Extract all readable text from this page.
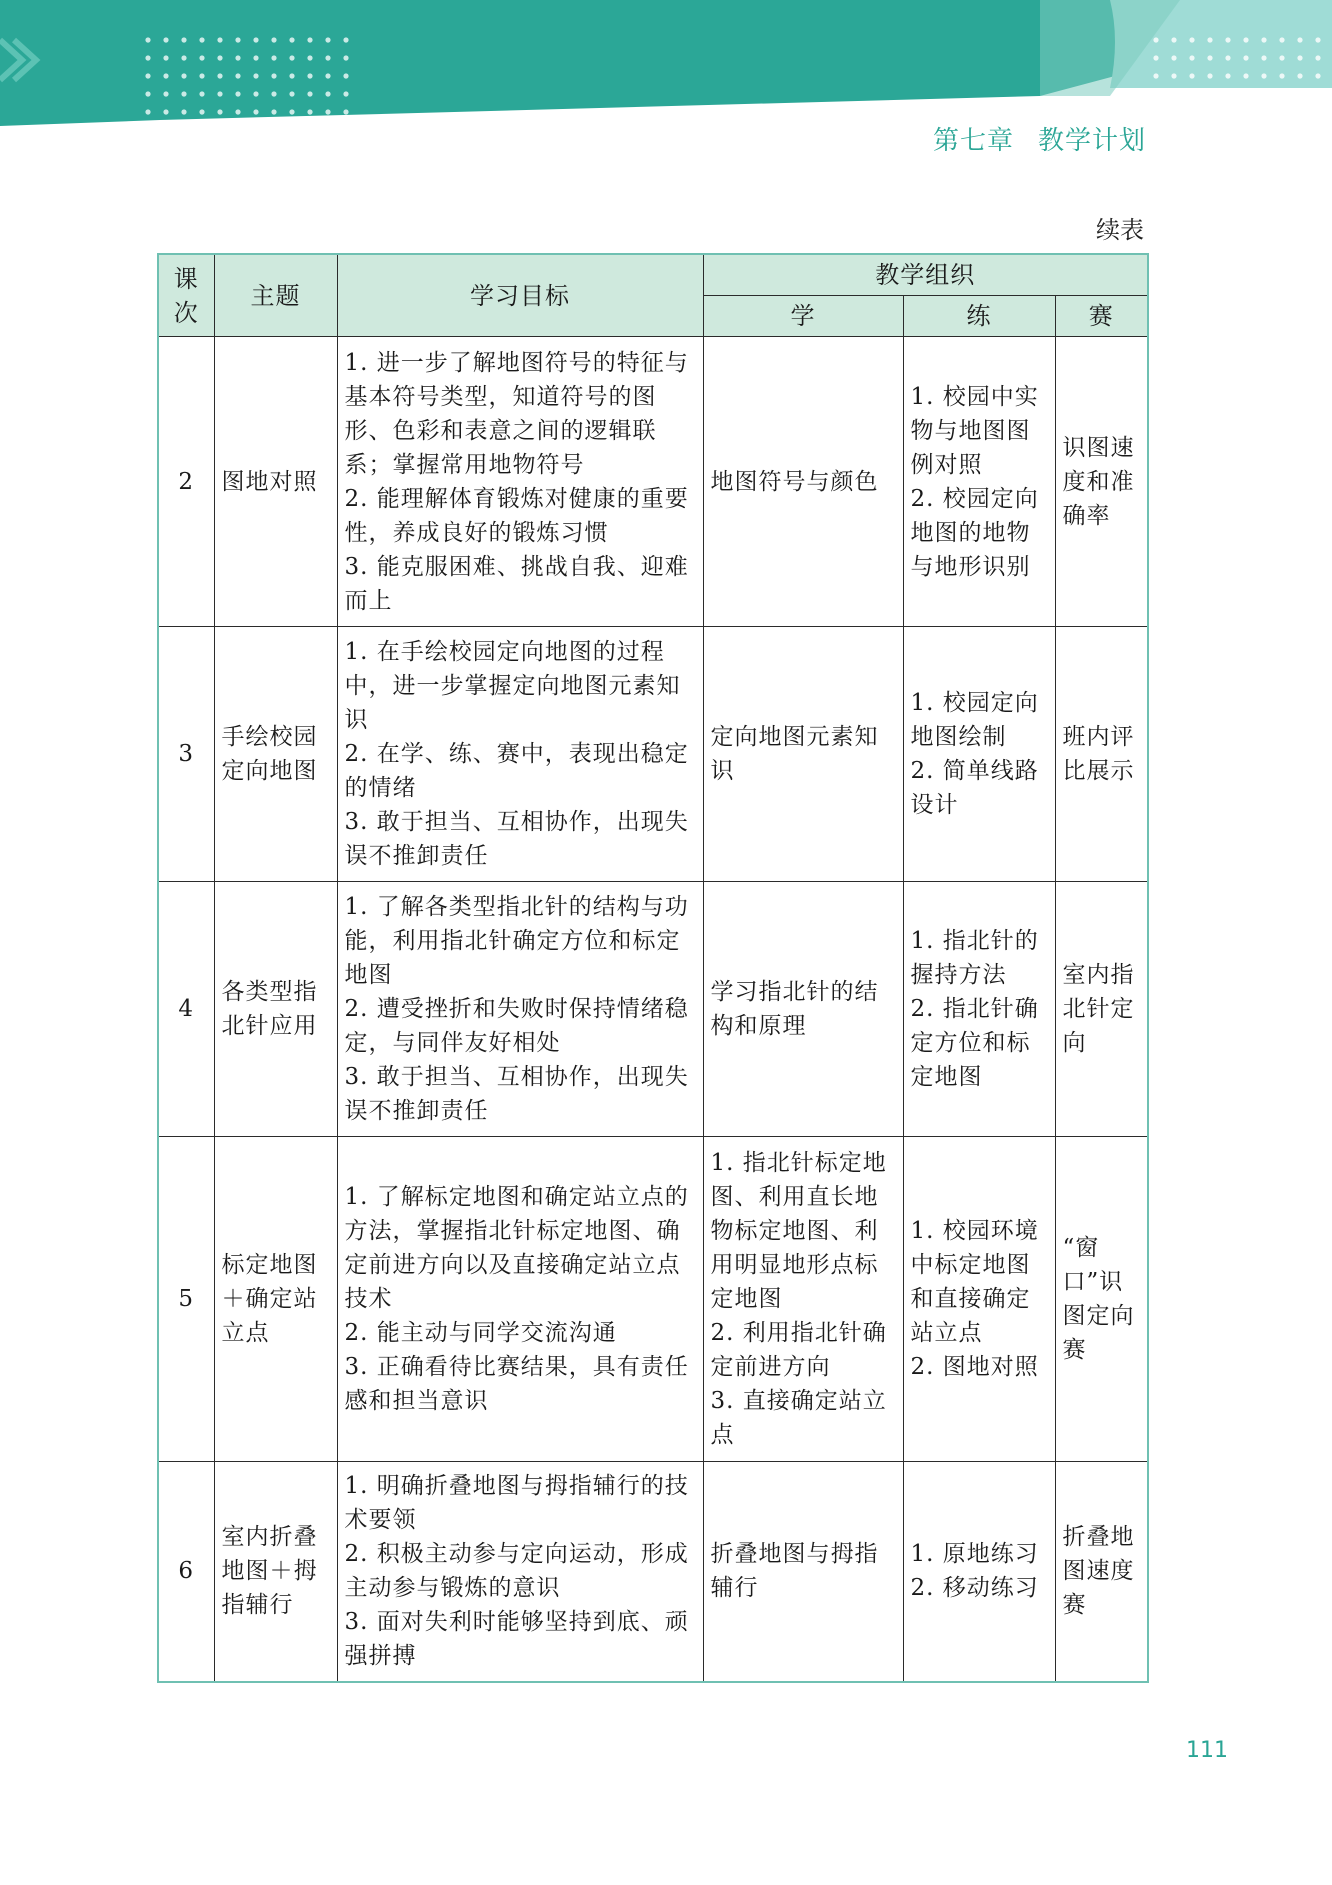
第七章 教学计划
续表
课次	主题	学习目标	教学组织		
			学	练	赛
2	图地对照	1. 进一步了解地图符号的特征与基本符号类型，知道符号的图形、色彩和表意之间的逻辑联系；掌握常用地物符号
2. 能理解体育锻炼对健康的重要性，养成良好的锻炼习惯
3. 能克服困难、挑战自我、迎难而上	地图符号与颜色	1. 校园中实物与地图图例对照
2. 校园定向地图的地物与地形识别	识图速度和准确率
3	手绘校园定向地图	1. 在手绘校园定向地图的过程中，进一步掌握定向地图元素知识
2. 在学、练、赛中，表现出稳定的情绪
3. 敢于担当、互相协作，出现失误不推卸责任	定向地图元素知识	1. 校园定向地图绘制
2. 简单线路设计	班内评比展示
4	各类型指北针应用	1. 了解各类型指北针的结构与功能，利用指北针确定方位和标定地图
2. 遭受挫折和失败时保持情绪稳定，与同伴友好相处
3. 敢于担当、互相协作，出现失误不推卸责任	学习指北针的结构和原理	1. 指北针的握持方法
2. 指北针确定方位和标定地图	室内指北针定向
5	标定地图＋确定站立点	1. 了解标定地图和确定站立点的方法，掌握指北针标定地图、确定前进方向以及直接确定站立点技术
2. 能主动与同学交流沟通
3. 正确看待比赛结果，具有责任感和担当意识	1. 指北针标定地图、利用直长地物标定地图、利用明显地形点标定地图
2. 利用指北针确定前进方向
3. 直接确定站立点	1. 校园环境中标定地图和直接确定站立点
2. 图地对照	“窗口”识图定向赛
6	室内折叠地图＋拇指辅行	1. 明确折叠地图与拇指辅行的技术要领
2. 积极主动参与定向运动，形成主动参与锻炼的意识
3. 面对失利时能够坚持到底、顽强拼搏	折叠地图与拇指辅行	1. 原地练习
2. 移动练习	折叠地图速度赛
111
